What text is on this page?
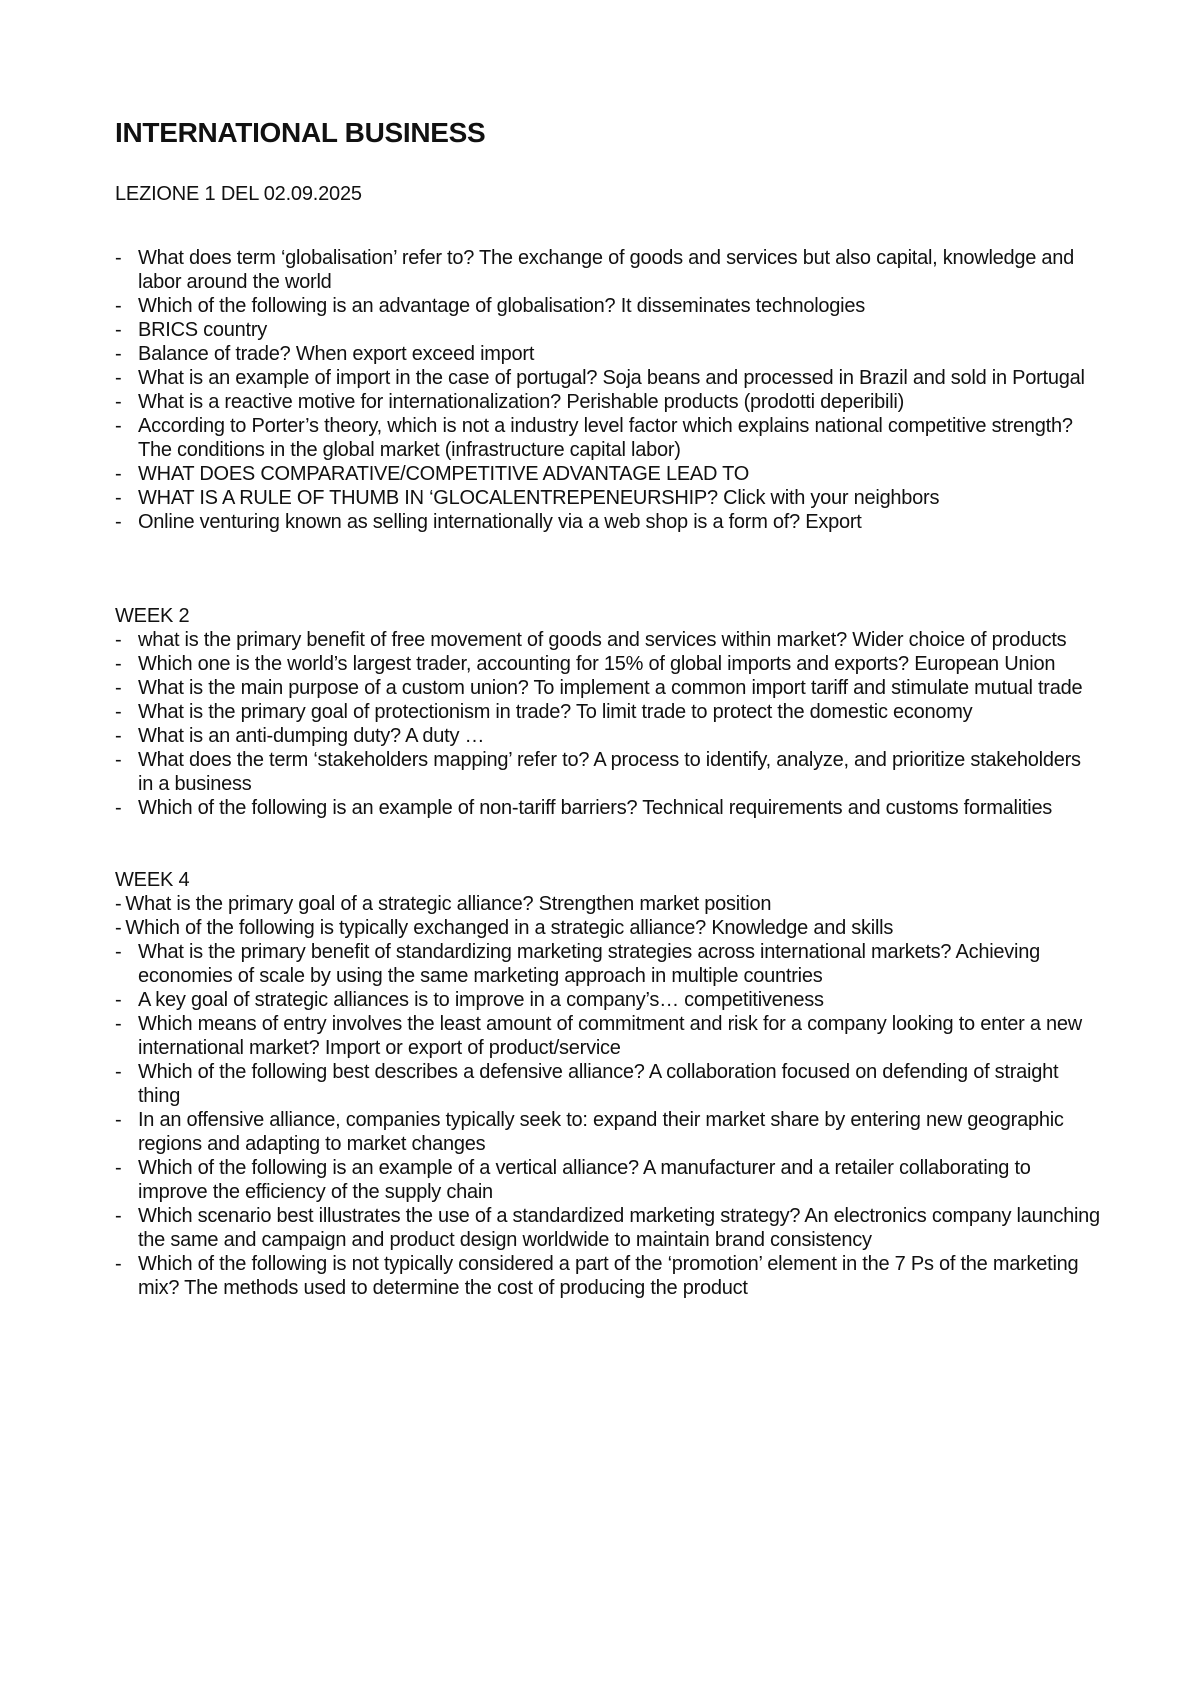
INTERNATIONAL BUSINESS

LEZIONE 1 DEL 02.09.2025

- What does term ‘globalisation’ refer to? The exchange of goods and services but also capital, knowledge and labor around the world
- Which of the following is an advantage of globalisation? It disseminates technologies
- BRICS country
- Balance of trade? When export exceed import
- What is an example of import in the case of portugal? Soja beans and processed in Brazil and sold in Portugal
- What is a reactive motive for internationalization? Perishable products (prodotti deperibili)
- According to Porter’s theory, which is not a industry level factor which explains national competitive strength? The conditions in the global market (infrastructure capital labor)
- WHAT DOES COMPARATIVE/COMPETITIVE ADVANTAGE LEAD TO
- WHAT IS A RULE OF THUMB IN ‘GLOCALENTREPENEURSHIP? Click with your neighbors
- Online venturing known as selling internationally via a web shop is a form of? Export

WEEK 2

- what is the primary benefit of free movement of goods and services within market? Wider choice of products
- Which one is the world’s largest trader, accounting for 15% of global imports and exports? European Union
- What is the main purpose of a custom union? To implement a common import tariff and stimulate mutual trade
- What is the primary goal of protectionism in trade? To limit trade to protect the domestic economy
- What is an anti-dumping duty? A duty …
- What does the term ‘stakeholders mapping’ refer to? A process to identify, analyze, and prioritize stakeholders in a business
- Which of the following is an example of non-tariff barriers? Technical requirements and customs formalities

WEEK 4

- What is the primary goal of a strategic alliance? Strengthen market position
- Which of the following is typically exchanged in a strategic alliance? Knowledge and skills
- What is the primary benefit of standardizing marketing strategies across international markets? Achieving economies of scale by using the same marketing approach in multiple countries
- A key goal of strategic alliances is to improve in a company’s… competitiveness
- Which means of entry involves the least amount of commitment and risk for a company looking to enter a new international market? Import or export of product/service
- Which of the following best describes a defensive alliance? A collaboration focused on defending of straight thing
- In an offensive alliance, companies typically seek to: expand their market share by entering new geographic regions and adapting to market changes
- Which of the following is an example of a vertical alliance? A manufacturer and a retailer collaborating to improve the efficiency of the supply chain
- Which scenario best illustrates the use of a standardized marketing strategy? An electronics company launching the same and campaign and product design worldwide to maintain brand consistency
- Which of the following is not typically considered a part of the ‘promotion’ element in the 7 Ps of the marketing mix? The methods used to determine the cost of producing the product
